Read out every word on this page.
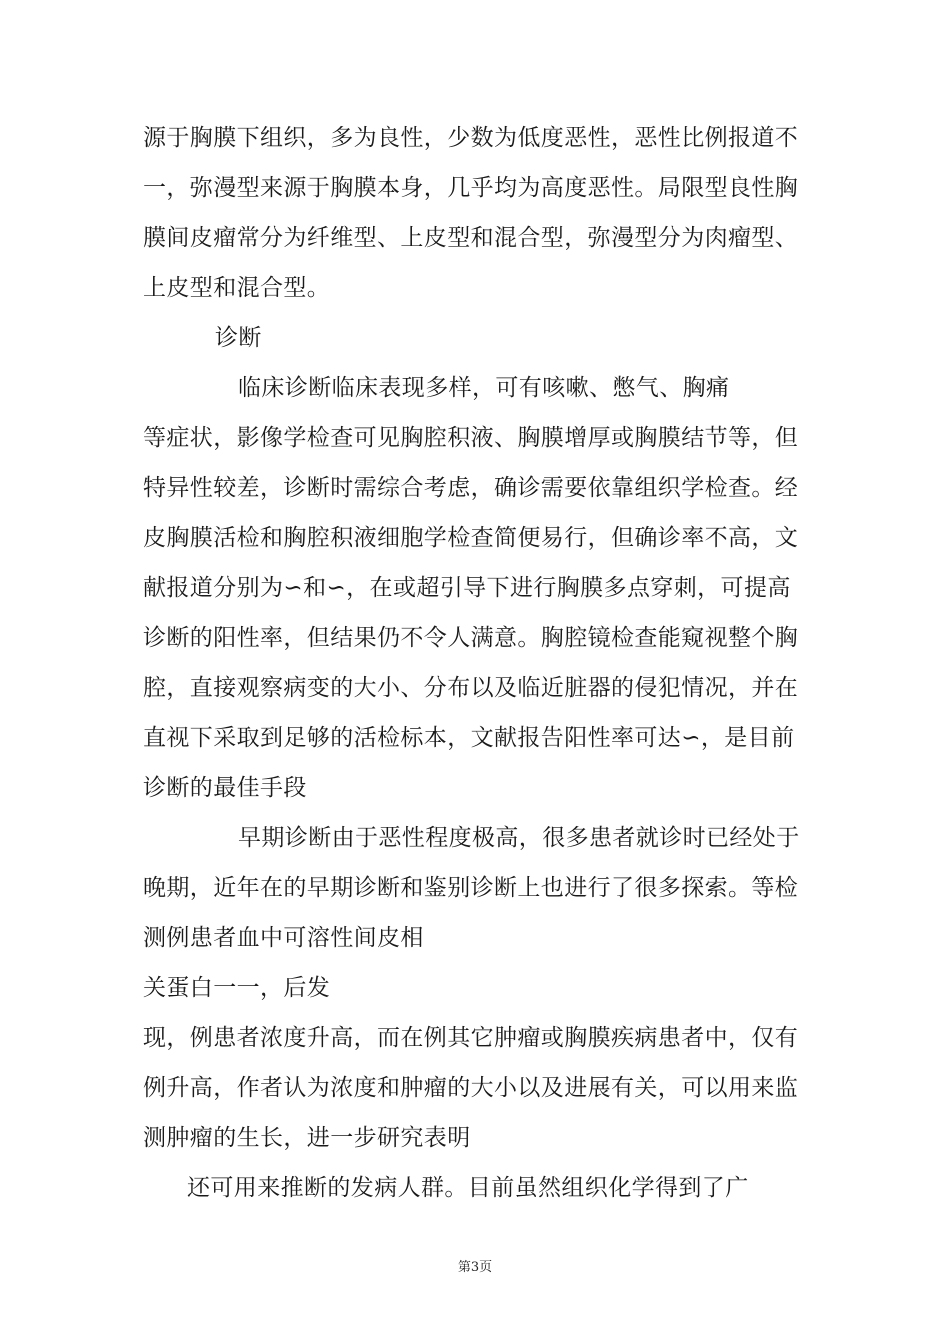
源于胸膜下组织，多为良性，少数为低度恶性，恶性比例报道不
一，弥漫型来源于胸膜本身，几乎均为高度恶性。局限型良性胸
膜间皮瘤常分为纤维型、上皮型和混合型，弥漫型分为肉瘤型、
上皮型和混合型。
诊断
临床诊断临床表现多样，可有咳嗽、憋气、胸痛
等症状，影像学检查可见胸腔积液、胸膜增厚或胸膜结节等，但
特异性较差，诊断时需综合考虑，确诊需要依靠组织学检查。经
皮胸膜活检和胸腔积液细胞学检查简便易行，但确诊率不高，文
献报道分别为∽和∽，在或超引导下进行胸膜多点穿刺，可提高
诊断的阳性率，但结果仍不令人满意。胸腔镜检查能窥视整个胸
腔，直接观察病变的大小、分布以及临近脏器的侵犯情况，并在
直视下采取到足够的活检标本，文献报告阳性率可达∽，是目前
诊断的最佳手段
早期诊断由于恶性程度极高，很多患者就诊时已经处于
晚期，近年在的早期诊断和鉴别诊断上也进行了很多探索。等检
测例患者血中可溶性间皮相
关蛋白一一，后发
现，例患者浓度升高，而在例其它肿瘤或胸膜疾病患者中，仅有
例升高，作者认为浓度和肿瘤的大小以及进展有关，可以用来监
测肿瘤的生长，进一步研究表明
还可用来推断的发病人群。目前虽然组织化学得到了广
第3页
